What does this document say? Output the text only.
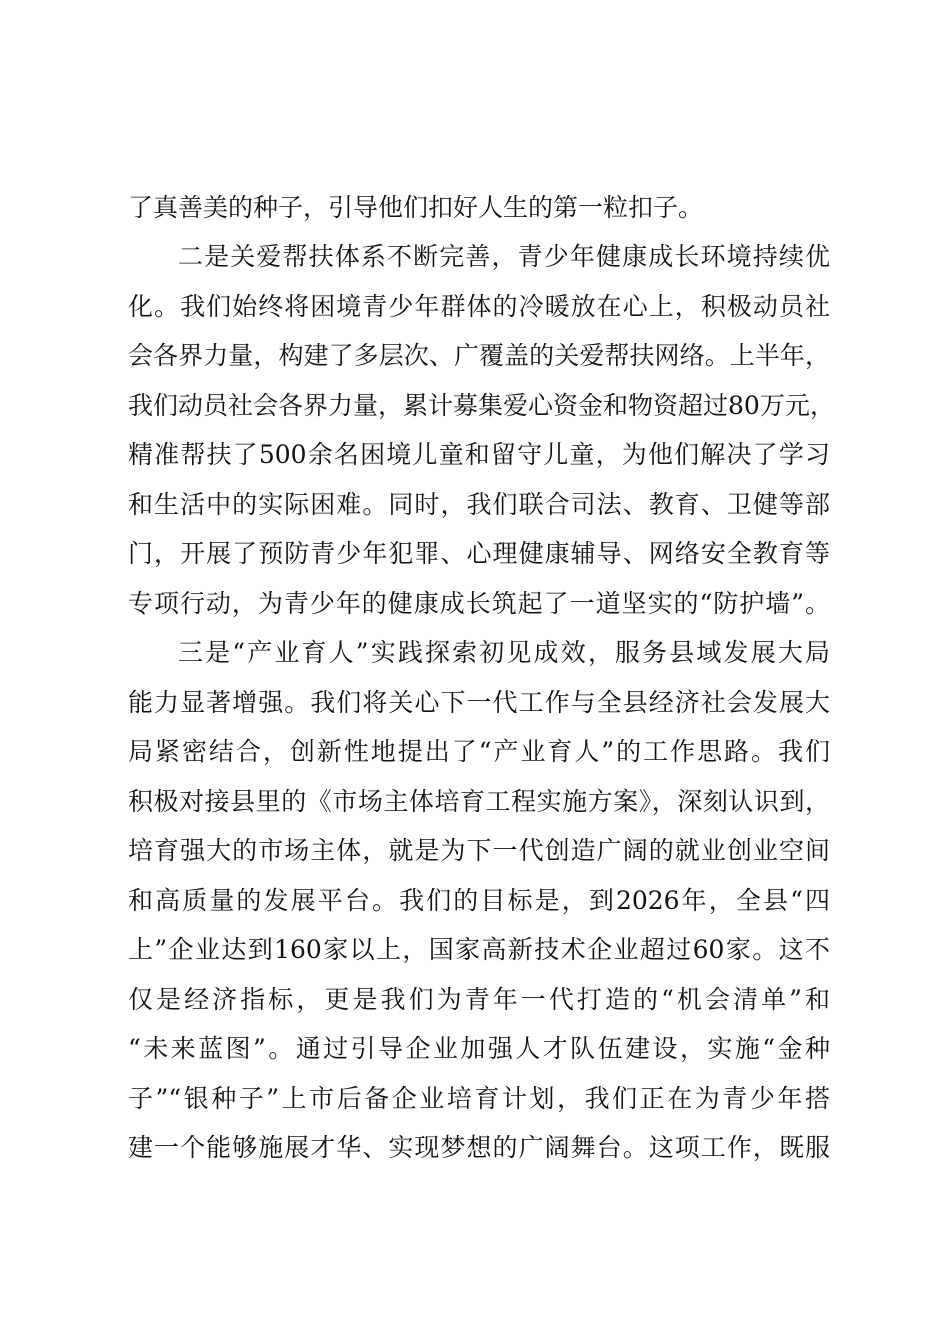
了真善美的种子，引导他们扣好人生的第一粒扣子。
二是关爱帮扶体系不断完善，青少年健康成长环境持续优
化。我们始终将困境青少年群体的冷暖放在心上，积极动员社
会各界力量，构建了多层次、广覆盖的关爱帮扶网络。上半年，
我们动员社会各界力量，累计募集爱心资金和物资超过80万元，
精准帮扶了500余名困境儿童和留守儿童，为他们解决了学习
和生活中的实际困难。同时，我们联合司法、教育、卫健等部
门，开展了预防青少年犯罪、心理健康辅导、网络安全教育等
专项行动，为青少年的健康成长筑起了一道坚实的“防护墙”。
三是“产业育人”实践探索初见成效，服务县域发展大局
能力显著增强。我们将关心下一代工作与全县经济社会发展大
局紧密结合，创新性地提出了“产业育人”的工作思路。我们
积极对接县里的《市场主体培育工程实施方案》，深刻认识到，
培育强大的市场主体，就是为下一代创造广阔的就业创业空间
和高质量的发展平台。我们的目标是，到2026年，全县“四
上”企业达到160家以上，国家高新技术企业超过60家。这不
仅是经济指标，更是我们为青年一代打造的“机会清单”和
“未来蓝图”。通过引导企业加强人才队伍建设，实施“金种
子”“银种子”上市后备企业培育计划，我们正在为青少年搭
建一个能够施展才华、实现梦想的广阔舞台。这项工作，既服
